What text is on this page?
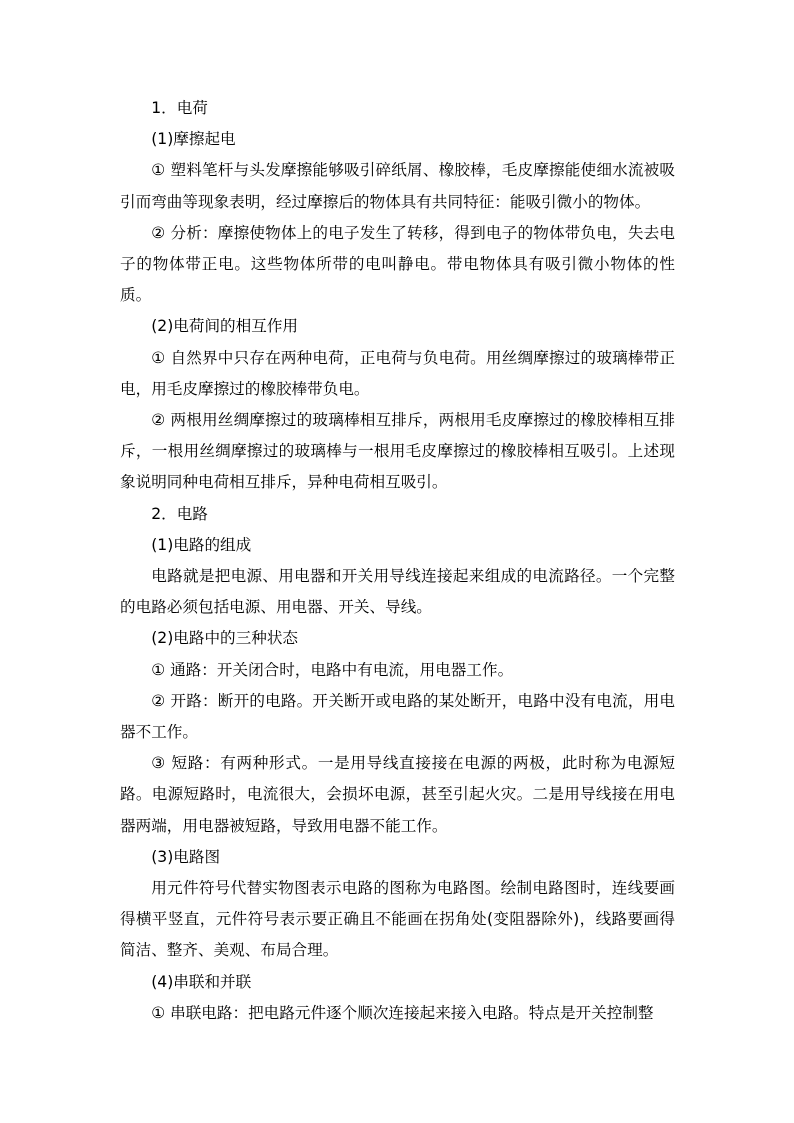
1．电荷

(1)摩擦起电

① 塑料笔杆与头发摩擦能够吸引碎纸屑、橡胶棒，毛皮摩擦能使细水流被吸引而弯曲等现象表明，经过摩擦后的物体具有共同特征：能吸引微小的物体。

② 分析：摩擦使物体上的电子发生了转移，得到电子的物体带负电，失去电子的物体带正电。这些物体所带的电叫静电。带电物体具有吸引微小物体的性质。

(2)电荷间的相互作用

① 自然界中只存在两种电荷，正电荷与负电荷。用丝绸摩擦过的玻璃棒带正电，用毛皮摩擦过的橡胶棒带负电。

② 两根用丝绸摩擦过的玻璃棒相互排斥，两根用毛皮摩擦过的橡胶棒相互排斥，一根用丝绸摩擦过的玻璃棒与一根用毛皮摩擦过的橡胶棒相互吸引。上述现象说明同种电荷相互排斥，异种电荷相互吸引。

2．电路

(1)电路的组成

电路就是把电源、用电器和开关用导线连接起来组成的电流路径。一个完整的电路必须包括电源、用电器、开关、导线。

(2)电路中的三种状态

① 通路：开关闭合时，电路中有电流，用电器工作。

② 开路：断开的电路。开关断开或电路的某处断开，电路中没有电流，用电器不工作。

③ 短路：有两种形式。一是用导线直接接在电源的两极，此时称为电源短路。电源短路时，电流很大，会损坏电源，甚至引起火灾。二是用导线接在用电器两端，用电器被短路，导致用电器不能工作。

(3)电路图

用元件符号代替实物图表示电路的图称为电路图。绘制电路图时，连线要画得横平竖直，元件符号表示要正确且不能画在拐角处(变阻器除外)，线路要画得简洁、整齐、美观、布局合理。

(4)串联和并联

① 串联电路：把电路元件逐个顺次连接起来接入电路。特点是开关控制整
